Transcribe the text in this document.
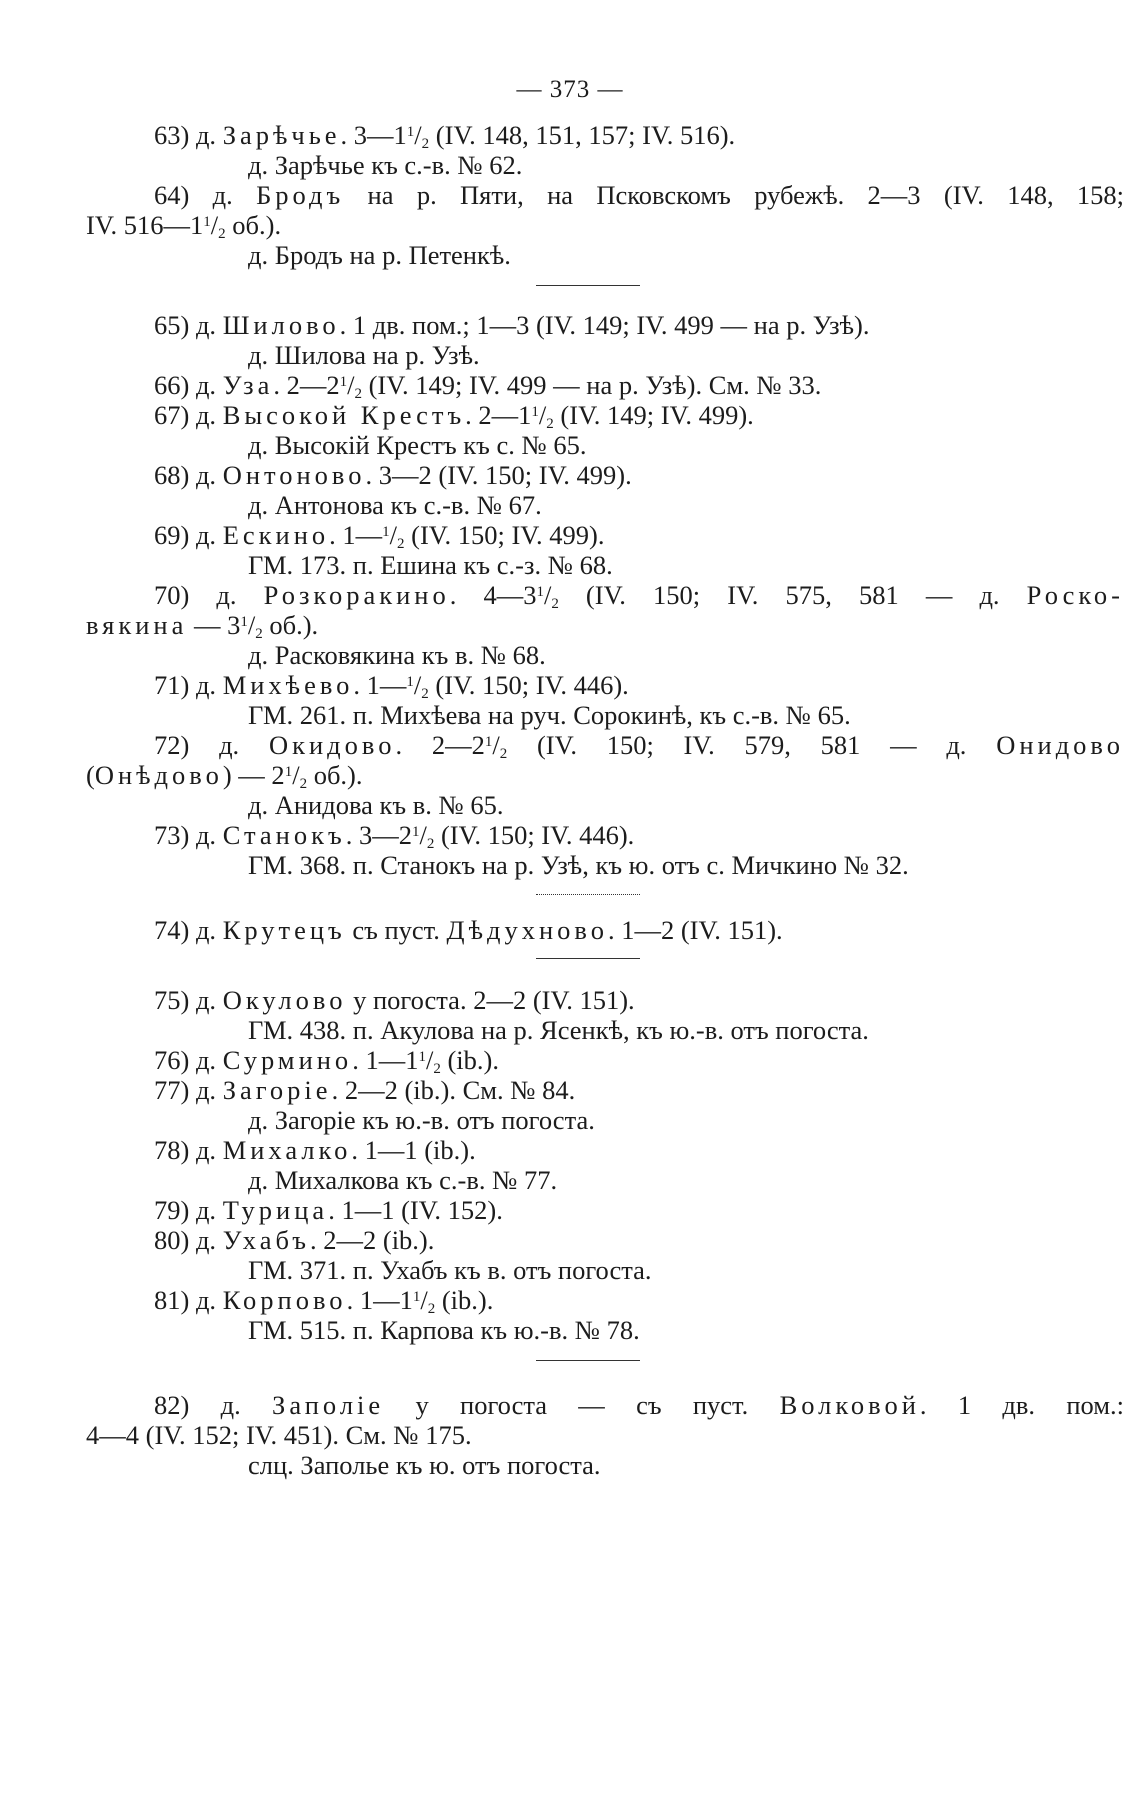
— 373 —
63) д. Зарѣчье. $3—1^1/_2$ (IV. 148, 151, 157; IV. 516).
д. Зарѣчье къ с.-в. № 62.
64) д. Бродъ на р. Пяти, на Псковскомъ рубежѣ. 2—3 (IV. 148, 158;
IV. $516—1^1/_2$ об.).
д. Бродъ на р. Петенкѣ.
65) д. Шилово. 1 дв. пом.; 1—3 (IV. 149; IV. 499 — на р. Узѣ).
д. Шилова на р. Узѣ.
66) д. Уза. $2—2^1/_2$ (IV. 149; IV. 499 — на р. Узѣ). См. № 33.
67) д. Высокой Крестъ. $2—1^1/_2$ (IV. 149; IV. 499).
д. Высокій Крестъ къ с. № 65.
68) д. Онтоново. 3—2 (IV. 150; IV. 499).
д. Антонова къ с.-в. № 67.
69) д. Ескино. $1—^1/_2$ (IV. 150; IV. 499).
ГМ. 173. п. Ешина къ с.-з. № 68.
70) д. Розкоракино. $4—3^1/_2$ (IV. 150; IV. 575, 581 — д. Роско-
вякина — $3^1/_2$ об.).
д. Расковякина къ в. № 68.
71) д. Михѣево. $1—^1/_2$ (IV. 150; IV. 446).
ГМ. 261. п. Михѣева на руч. Сорокинѣ, къ с.-в. № 65.
72) д. Окидово. $2—2^1/_2$ (IV. 150; IV. 579, 581 — д. Онидово
(Онѣдово) — $2^1/_2$ об.).
д. Анидова къ в. № 65.
73) д. Станокъ. $3—2^1/_2$ (IV. 150; IV. 446).
ГМ. 368. п. Станокъ на р. Узѣ, къ ю. отъ с. Мичкино № 32.
74) д. Крутецъ съ пуст. Дѣдухново. 1—2 (IV. 151).
75) д. Окулово у погоста. 2—2 (IV. 151).
ГМ. 438. п. Акулова на р. Ясенкѣ, къ ю.-в. отъ погоста.
76) д. Сурмино. $1—1^1/_2$ (ib.).
77) д. Загоріе. 2—2 (ib.). См. № 84.
д. Загоріе къ ю.-в. отъ погоста.
78) д. Михалко. 1—1 (ib.).
д. Михалкова къ с.-в. № 77.
79) д. Турица. 1—1 (IV. 152).
80) д. Ухабъ. 2—2 (ib.).
ГМ. 371. п. Ухабъ къ в. отъ погоста.
81) д. Корпово. $1—1^1/_2$ (ib.).
ГМ. 515. п. Карпова къ ю.-в. № 78.
82) д. Заполіе у погоста — съ пуст. Волковой. 1 дв. пом.:
4—4 (IV. 152; IV. 451). См. № 175.
слц. Заполье къ ю. отъ погоста.
